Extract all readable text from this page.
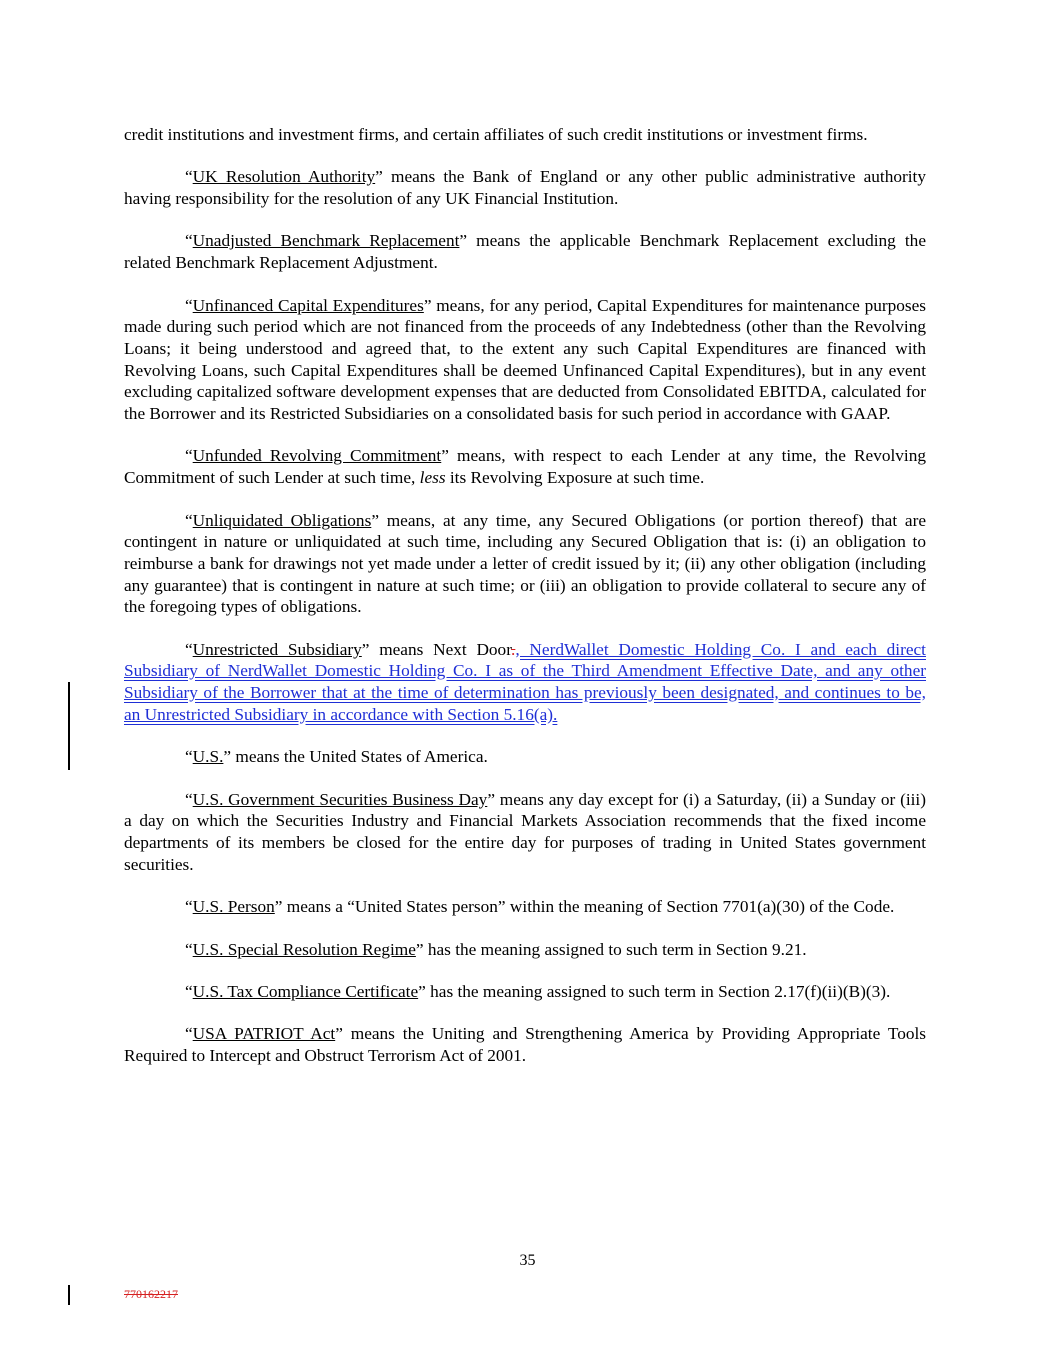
credit institutions and investment firms, and certain affiliates of such credit institutions or investment firms.

“UK Resolution Authority” means the Bank of England or any other public administrative authority having responsibility for the resolution of any UK Financial Institution.

“Unadjusted Benchmark Replacement” means the applicable Benchmark Replacement excluding the related Benchmark Replacement Adjustment.

“Unfinanced Capital Expenditures” means, for any period, Capital Expenditures for maintenance purposes made during such period which are not financed from the proceeds of any Indebtedness (other than the Revolving Loans; it being understood and agreed that, to the extent any such Capital Expenditures are financed with Revolving Loans, such Capital Expenditures shall be deemed Unfinanced Capital Expenditures), but in any event excluding capitalized software development expenses that are deducted from Consolidated EBITDA, calculated for the Borrower and its Restricted Subsidiaries on a consolidated basis for such period in accordance with GAAP.

“Unfunded Revolving Commitment” means, with respect to each Lender at any time, the Revolving Commitment of such Lender at such time, less its Revolving Exposure at such time.

“Unliquidated Obligations” means, at any time, any Secured Obligations (or portion thereof) that are contingent in nature or unliquidated at such time, including any Secured Obligation that is: (i) an obligation to reimburse a bank for drawings not yet made under a letter of credit issued by it; (ii) any other obligation (including any guarantee) that is contingent in nature at such time; or (iii) an obligation to provide collateral to secure any of the foregoing types of obligations.

“Unrestricted Subsidiary” means Next Door., NerdWallet Domestic Holding Co. I and each direct Subsidiary of NerdWallet Domestic Holding Co. I as of the Third Amendment Effective Date, and any other Subsidiary of the Borrower that at the time of determination has previously been designated, and continues to be, an Unrestricted Subsidiary in accordance with Section 5.16(a).

“U.S.” means the United States of America.

“U.S. Government Securities Business Day” means any day except for (i) a Saturday, (ii) a Sunday or (iii) a day on which the Securities Industry and Financial Markets Association recommends that the fixed income departments of its members be closed for the entire day for purposes of trading in United States government securities.

“U.S. Person” means a “United States person” within the meaning of Section 7701(a)(30) of the Code.

“U.S. Special Resolution Regime” has the meaning assigned to such term in Section 9.21.

“U.S. Tax Compliance Certificate” has the meaning assigned to such term in Section 2.17(f)(ii)(B)(3).

“USA PATRIOT Act” means the Uniting and Strengthening America by Providing Appropriate Tools Required to Intercept and Obstruct Terrorism Act of 2001.

35
770162217
